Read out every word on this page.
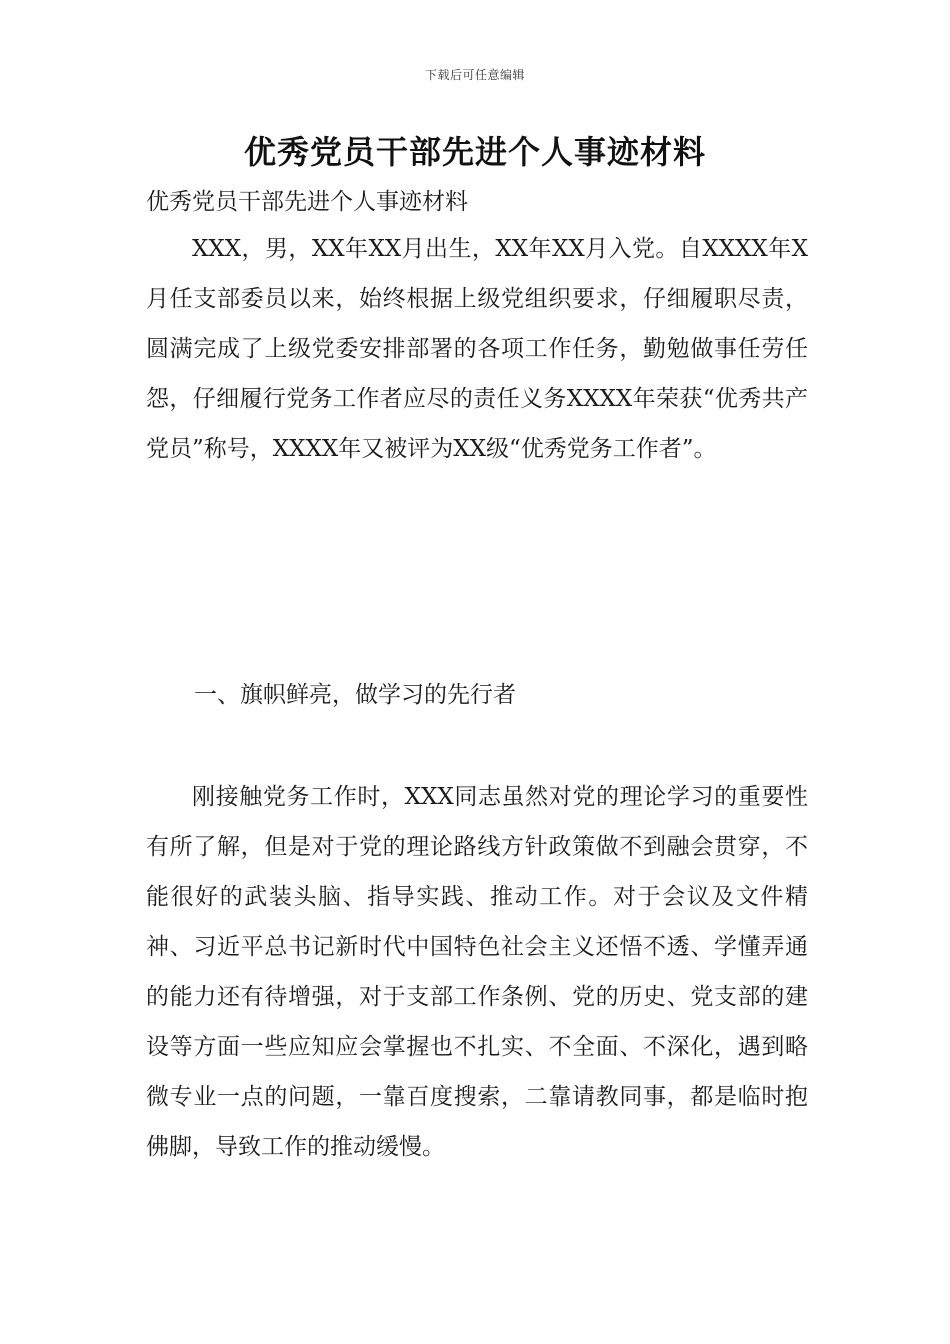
下载后可任意编辑
优秀党员干部先进个人事迹材料
优秀党员干部先进个人事迹材料

XXX，男，XX年XX月出生，XX年XX月入党。自XXXX年X月任支部委员以来，始终根据上级党组织要求，仔细履职尽责，圆满完成了上级党委安排部署的各项工作任务，勤勉做事任劳任怨，仔细履行党务工作者应尽的责任义务XXXX年荣获“优秀共产党员”称号，XXXX年又被评为XX级“优秀党务工作者”。

一、旗帜鲜亮，做学习的先行者

刚接触党务工作时，XXX同志虽然对党的理论学习的重要性有所了解，但是对于党的理论路线方针政策做不到融会贯穿，不能很好的武装头脑、指导实践、推动工作。对于会议及文件精神、习近平总书记新时代中国特色社会主义还悟不透、学懂弄通的能力还有待增强，对于支部工作条例、党的历史、党支部的建设等方面一些应知应会掌握也不扎实、不全面、不深化，遇到略微专业一点的问题，一靠百度搜索，二靠请教同事，都是临时抱佛脚，导致工作的推动缓慢。
